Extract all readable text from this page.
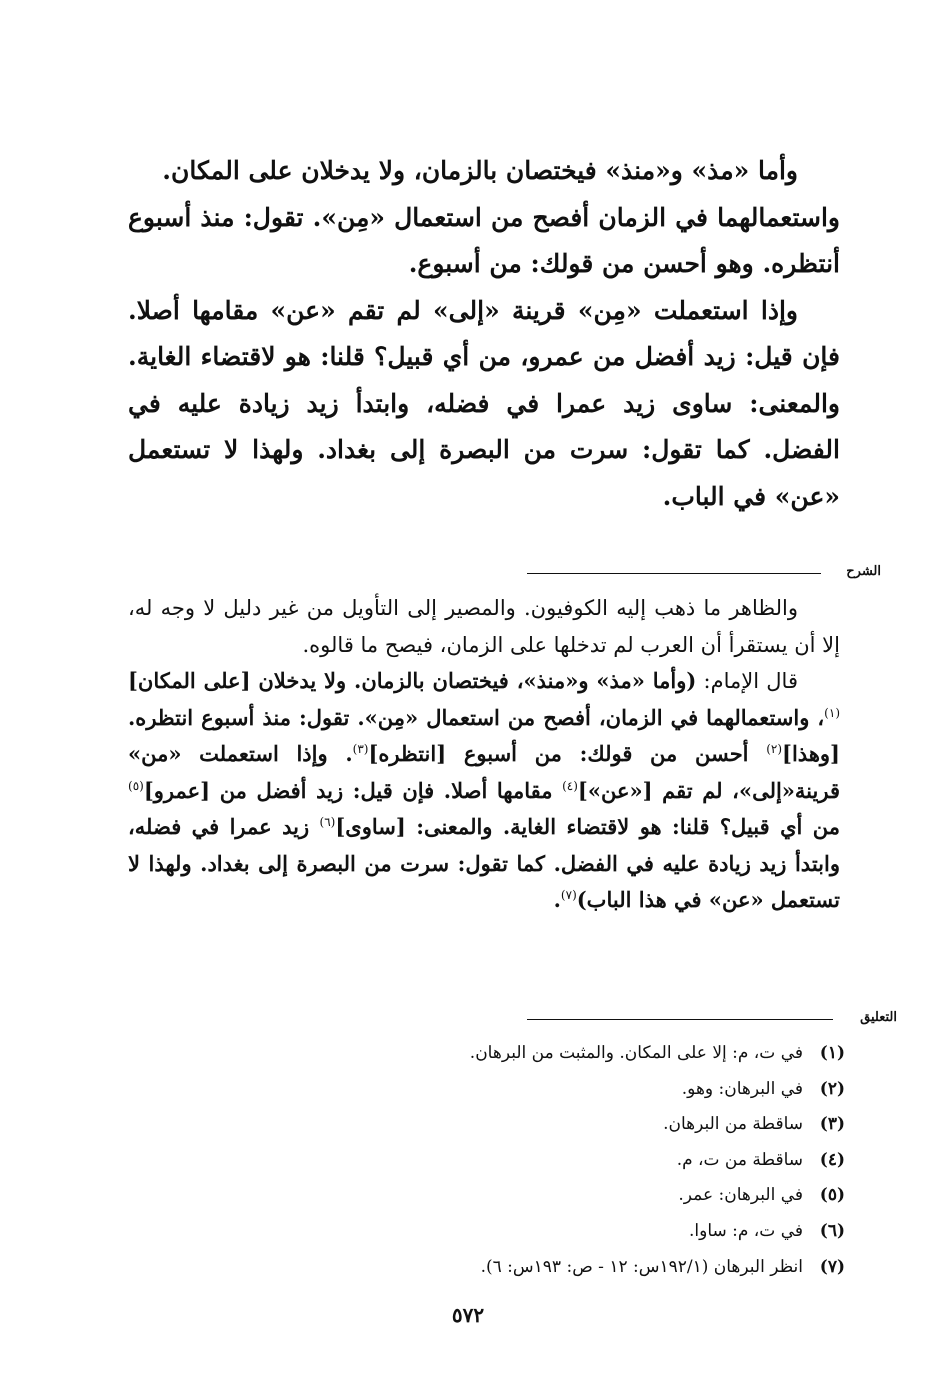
وأما «مذ» و«منذ» فيختصان بالزمان، ولا يدخلان على المكان.

واستعمالهما في الزمان أفصح من استعمال «مِن». تقول: منذ أسبوع أنتظره. وهو أحسن من قولك: من أسبوع.

وإذا استعملت «مِن» قرينة «إلى» لم تقم «عن» مقامها أصلا. فإن قيل: زيد أفضل من عمرو، من أي قبيل؟ قلنا: هو لاقتضاء الغاية. والمعنى: ساوى زيد عمرا في فضله، وابتدأ زيد زيادة عليه في الفضل. كما تقول: سرت من البصرة إلى بغداد. ولهذا لا تستعمل «عن» في الباب.

الشرح

والظاهر ما ذهب إليه الكوفيون. والمصير إلى التأويل من غير دليل لا وجه له، إلا أن يستقرأ أن العرب لم تدخلها على الزمان، فيصح ما قالوه.

قال الإمام: (وأما «مذ» و«منذ»، فيختصان بالزمان. ولا يدخلان [على المكان]$^{(١)}$، واستعمالهما في الزمان، أفصح من استعمال «مِن». تقول: منذ أسبوع انتظره. [وهذا]$^{(٢)}$ أحسن من قولك: من أسبوع [انتظره]$^{(٣)}$. وإذا استعملت «من» قرينة«إلى»، لم تقم [«عن»]$^{(٤)}$ مقامها أصلا. فإن قيل: زيد أفضل من [عمرو]$^{(٥)}$ من أي قبيل؟ قلنا: هو لاقتضاء الغاية. والمعنى: [ساوى]$^{(٦)}$ زيد عمرا في فضله، وابتدأ زيد زيادة عليه في الفضل. كما تقول: سرت من البصرة إلى بغداد. ولهذا لا تستعمل «عن» في هذا الباب)$^{(٧)}$.

التعليق
(١)
في ت، م: إلا على المكان. والمثبت من البرهان.
(٢)
في البرهان: وهو.
(٣)
ساقطة من البرهان.
(٤)
ساقطة من ت، م.
(٥)
في البرهان: عمر.
(٦)
في ت، م: ساوا.
(٧)
انظر البرهان (١٩٢/١س: ١٢ - ص: ١٩٣س: ٦).
٥٧٢
